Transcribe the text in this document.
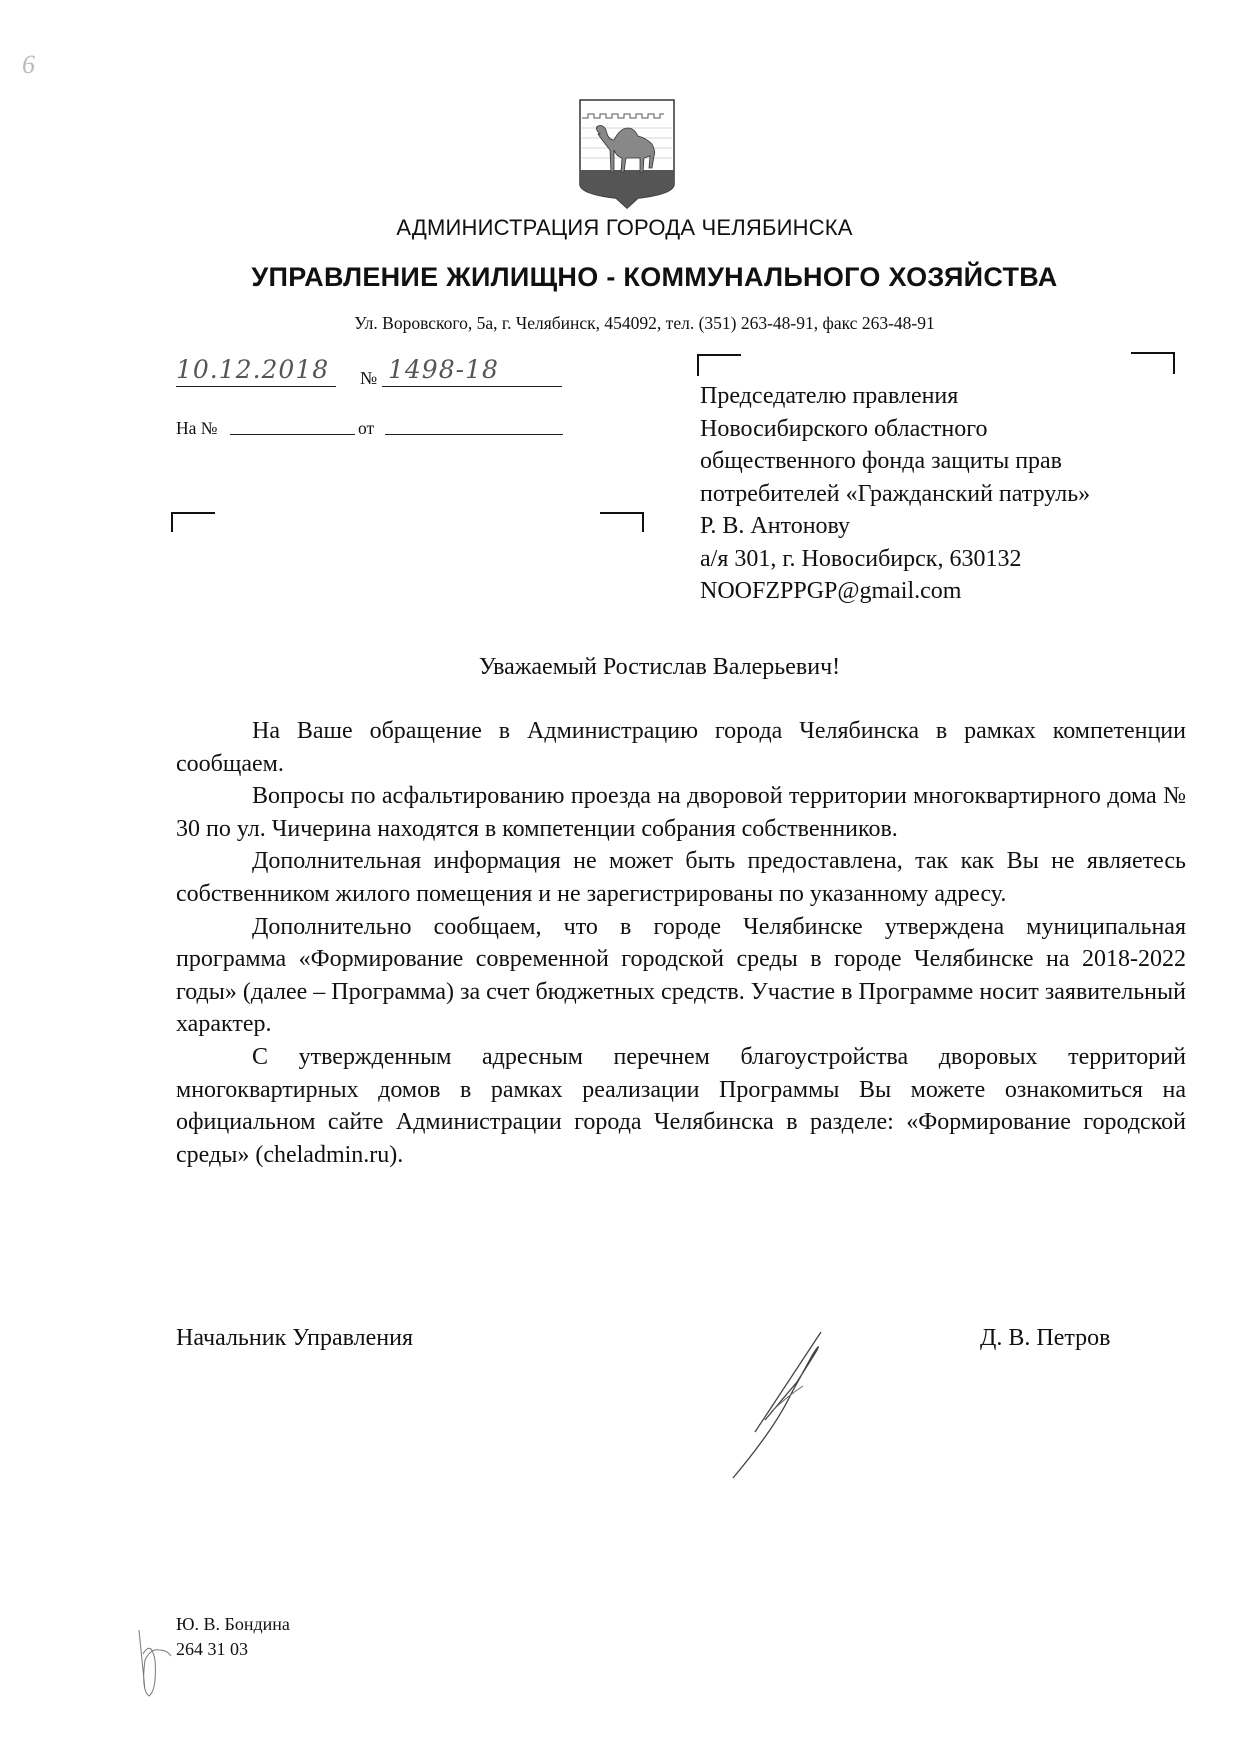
6
АДМИНИСТРАЦИЯ ГОРОДА ЧЕЛЯБИНСКА
УПРАВЛЕНИЕ ЖИЛИЩНО - КОММУНАЛЬНОГО ХОЗЯЙСТВА
Ул. Воровского, 5а, г. Челябинск, 454092, тел. (351) 263-48-91, факс 263-48-91
10.12.2018 № 1498-18
На №	от
Председателю правления
Новосибирского областного
общественного фонда защиты прав
потребителей «Гражданский патруль»
Р. В. Антонову
а/я 301, г. Новосибирск, 630132
NOOFZPPGP@gmail.com
Уважаемый Ростислав Валерьевич!

На Ваше обращение в Администрацию города Челябинска в рамках компетенции сообщаем.

Вопросы по асфальтированию проезда на дворовой территории многоквартирного дома № 30 по ул. Чичерина находятся в компетенции собрания собственников.

Дополнительная информация не может быть предоставлена, так как Вы не являетесь собственником жилого помещения и не зарегистрированы по указанному адресу.

Дополнительно сообщаем, что в городе Челябинске утверждена муниципальная программа «Формирование современной городской среды в городе Челябинске на 2018-2022 годы» (далее – Программа) за счет бюджетных средств. Участие в Программе носит заявительный характер.

С утвержденным адресным перечнем благоустройства дворовых территорий многоквартирных домов в рамках реализации Программы Вы можете ознакомиться на официальном сайте Администрации города Челябинска в разделе: «Формирование городской среды» (cheladmin.ru).

Начальник Управления	Д. В. Петров
Ю. В. Бондина
264 31 03
